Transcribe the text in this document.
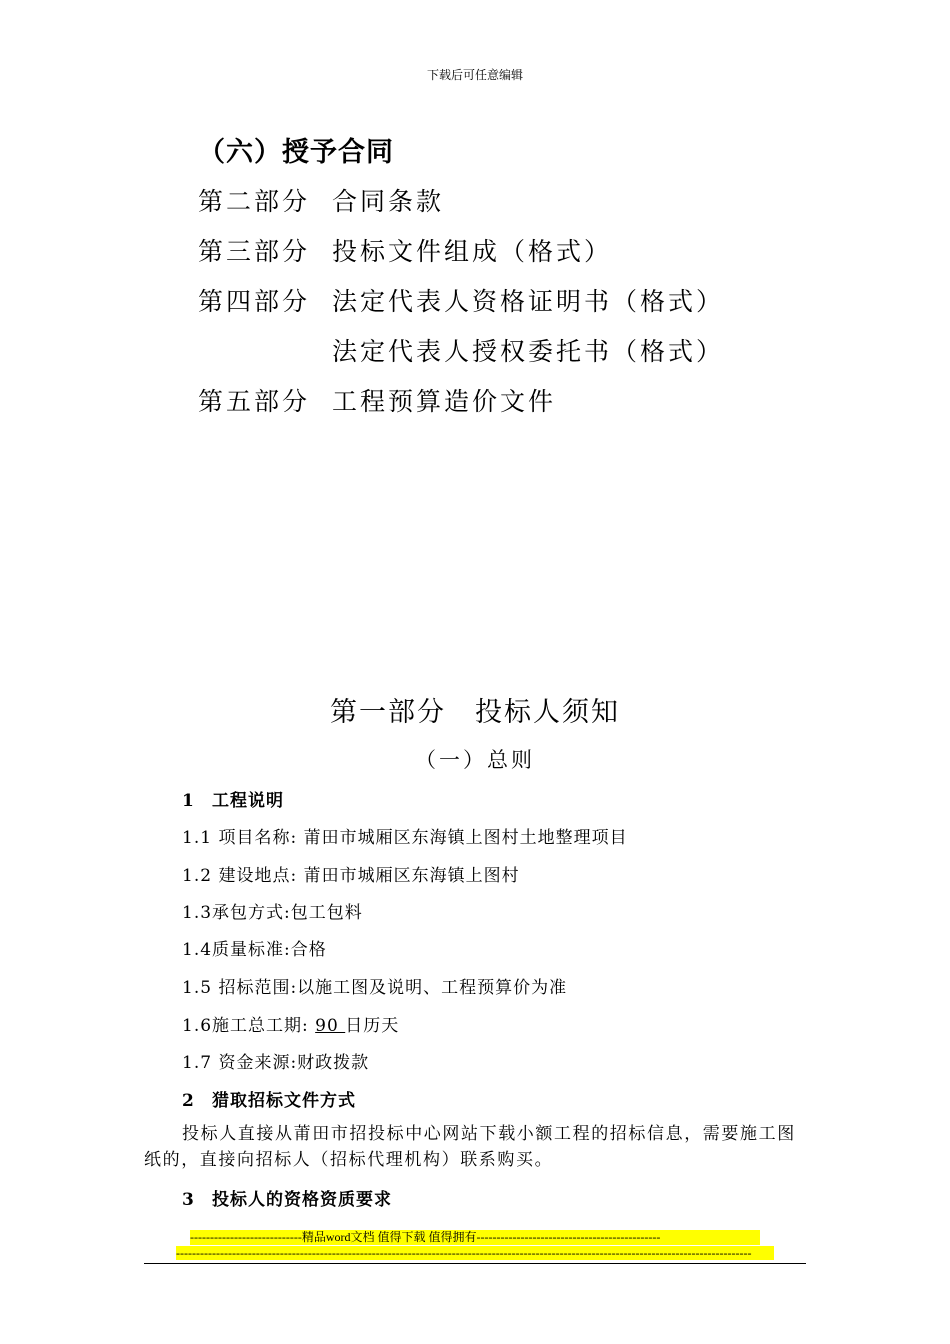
下载后可任意编辑
（六）授予合同
第二部分 合同条款
第三部分 投标文件组成（格式）
第四部分 法定代表人资格证明书（格式）
法定代表人授权委托书（格式）
第五部分 工程预算造价文件
第一部分　投标人须知
（一）总则
1 工程说明
1.1 项目名称: 莆田市城厢区东海镇上图村土地整理项目
1.2 建设地点: 莆田市城厢区东海镇上图村
1.3承包方式:包工包料
1.4质量标准:合格
1.5 招标范围:以施工图及说明、工程预算价为准
1.6施工总工期: 90 日历天
1.7 资金来源:财政拨款
2 猎取招标文件方式
投标人直接从莆田市招投标中心网站下载小额工程的招标信息，需要施工图纸的，直接向招标人（招标代理机构）联系购买。
3 投标人的资格资质要求
----------------------------精品word文档 值得下载 值得拥有----------------------------------------------
------------------------------------------------------------------------------------------------------------------------------------------------
